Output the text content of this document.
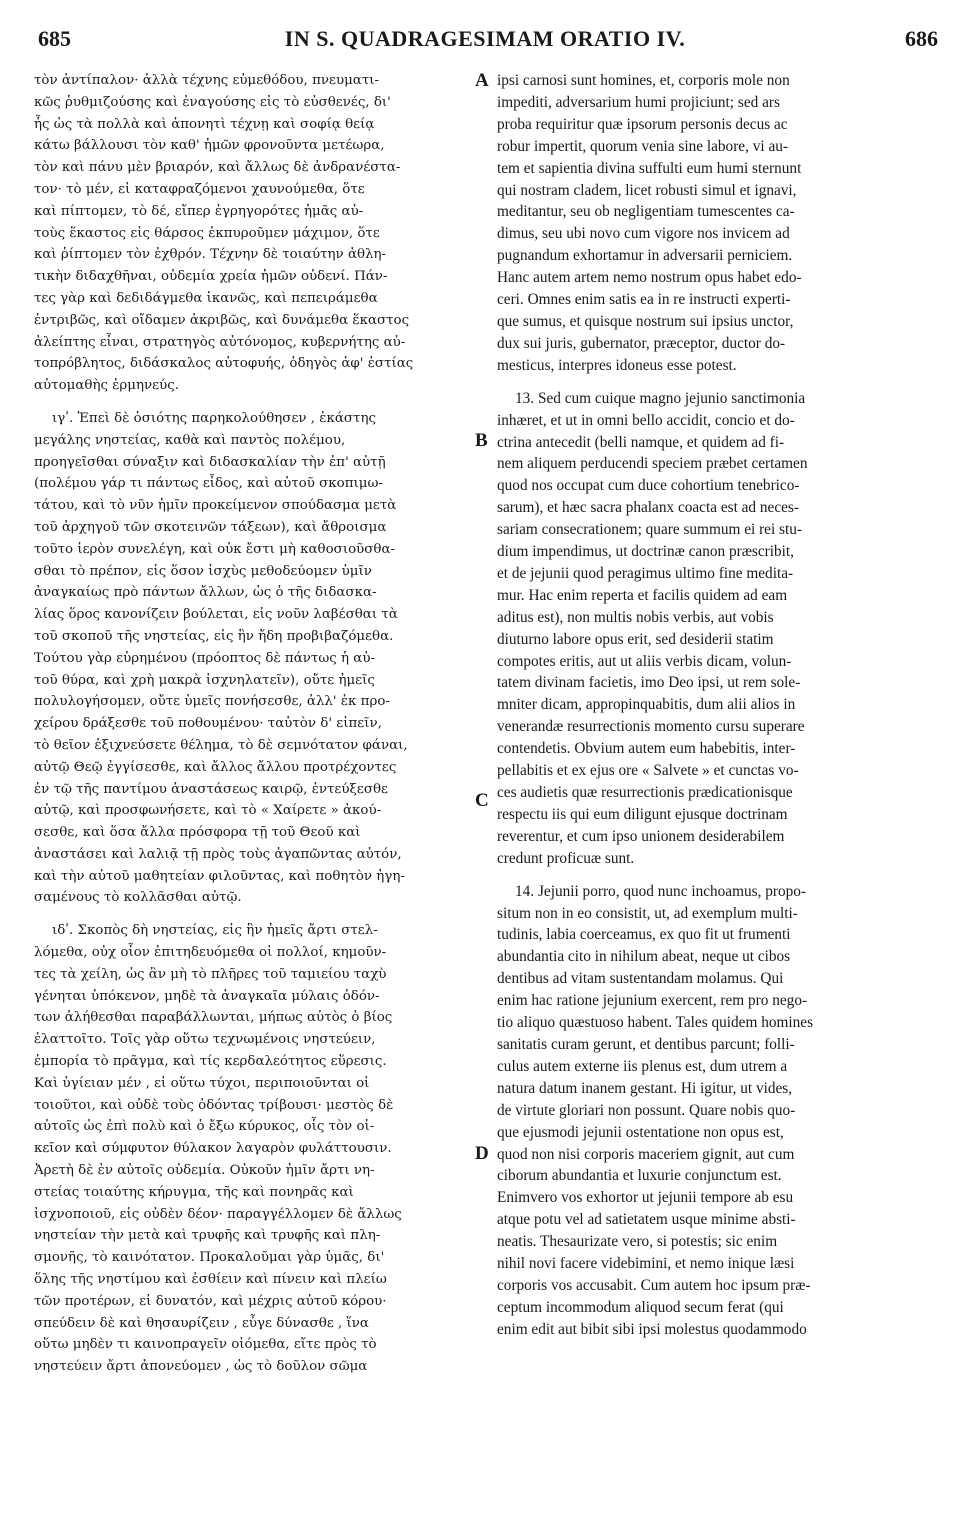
685	IN S. QUADRAGESIMAM ORATIO IV.	686
τὸν ἀντίπαλον· ἀλλὰ τέχνης εὐμεθόδου, πνευματι-
κῶς ῥυθμιζούσης καὶ ἐναγούσης εἰς τὸ εὐσθενές, δι'
ἧς ὡς τὰ πολλὰ καὶ ἀπονητὶ τέχνῃ καὶ σοφίᾳ θείᾳ
κάτω βάλλουσι τὸν καθ' ἡμῶν φρονοῦντα μετέωρα,
τὸν καὶ πάνυ μὲν βριαρόν, καὶ ἄλλως δὲ ἀνδρανέστα-
τον· τὸ μέν, εἰ καταφραζόμενοι χαυνούμεθα, ὅτε
καὶ πίπτομεν, τὸ δέ, εἴπερ ἐγρηγορότες ἡμᾶς αὐ-
τοὺς ἕκαστος εἰς θάρσος ἐκπυροῦμεν μάχιμον, ὅτε
καὶ ῥίπτομεν τὸν ἐχθρόν. Τέχνην δὲ τοιαύτην ἀθλη-
τικὴν διδαχθῆναι, οὐδεμία χρεία ἡμῶν οὐδενί. Πάν-
τες γὰρ καὶ δεδιδάγμεθα ἱκανῶς, καὶ πεπειράμεθα
ἐντριβῶς, καὶ οἴδαμεν ἀκριβῶς, καὶ δυνάμεθα ἕκαστος
ἀλείπτης εἶναι, στρατηγὸς αὐτόνομος, κυβερνήτης αὐ-
τοπρόβλητος, διδάσκαλος αὐτοφυής, ὁδηγὸς ἀφ' ἑστίας
αὐτομαθὴς ἑρμηνεύς.
ιγʹ. Ἐπεὶ δὲ ὁσιότης παρηκολούθησεν , ἑκάστης
μεγάλης νηστείας, καθὰ καὶ παντὸς πολέμου,
προηγεῖσθαι σύναξιν καὶ διδασκαλίαν τὴν ἐπ' αὐτῇ
(πολέμου γάρ τι πάντως εἶδος, καὶ αὐτοῦ σκοπιμω-
τάτου, καὶ τὸ νῦν ἡμῖν προκείμενον σπούδασμα μετὰ
τοῦ ἀρχηγοῦ τῶν σκοτεινῶν τάξεων), καὶ ἄθροισμα
τοῦτο ἱερὸν συνελέγη, καὶ οὐκ ἔστι μὴ καθοσιοῦσθα-
σθαι τὸ πρέπον, εἰς ὅσον ἰσχὺς μεθοδεύομεν ὑμῖν
ἀναγκαίως πρὸ πάντων ἄλλων, ὡς ὁ τῆς διδασκα-
λίας ὅρος κανονίζειν βούλεται, εἰς νοῦν λαβέσθαι τὰ
τοῦ σκοποῦ τῆς νηστείας, εἰς ἣν ἤδη προβιβαζόμεθα.
Τούτου γὰρ εὑρημένου (πρόοπτος δὲ πάντως ἡ αὐ-
τοῦ θύρα, καὶ χρὴ μακρὰ ἰσχνηλατεῖν), οὔτε ἡμεῖς
πολυλογήσομεν, οὔτε ὑμεῖς πονήσεσθε, ἀλλ' ἐκ προ-
χείρου δράξεσθε τοῦ ποθουμένου· ταὐτὸν δ' εἰπεῖν,
τὸ θεῖον ἐξιχνεύσετε θέλημα, τὸ δὲ σεμνότατον φάναι,
αὐτῷ Θεῷ ἐγγίσεσθε, καὶ ἄλλος ἄλλου προτρέχοντες
ἐν τῷ τῆς παντίμου ἀναστάσεως καιρῷ, ἐντεύξεσθε
αὐτῷ, καὶ προσφωνήσετε, καὶ τὸ « Χαίρετε » ἀκού-
σεσθε, καὶ ὅσα ἄλλα πρόσφορα τῇ τοῦ Θεοῦ καὶ
ἀναστάσει καὶ λαλιᾷ τῇ πρὸς τοὺς ἀγαπῶντας αὐτόν,
καὶ τὴν αὐτοῦ μαθητείαν φιλοῦντας, καὶ ποθητὸν ἡγη-
σαμένους τὸ κολλᾶσθαι αὐτῷ.
ιδʹ. Σκοπὸς δὴ νηστείας, εἰς ἣν ἡμεῖς ἄρτι στελ-
λόμεθα, οὐχ οἷον ἐπιτηδευόμεθα οἱ πολλοί, κημοῦν-
τες τὰ χείλη, ὡς ἂν μὴ τὸ πλῆρες τοῦ ταμιείου ταχὺ
γένηται ὑπόκενον, μηδὲ τὰ ἀναγκαῖα μύλαις ὀδόν-
των ἀλήθεσθαι παραβάλλωνται, μήπως αὐτὸς ὁ βίος
ἐλαττοῖτο. Τοῖς γὰρ οὕτω τεχνωμένοις νηστεύειν,
ἐμπορία τὸ πρᾶγμα, καὶ τίς κερδαλεότητος εὕρεσις.
Καὶ ὑγίειαν μέν , εἰ οὕτω τύχοι, περιποιοῦνται οἱ
τοιοῦτοι, καὶ οὐδὲ τοὺς ὀδόντας τρίβουσι· μεστὸς δὲ
αὐτοῖς ὡς ἐπὶ πολὺ καὶ ὁ ἔξω κύρυκος, οἷς τὸν οἰ-
κεῖον καὶ σύμφυτον θύλακον λαγαρὸν φυλάττουσιν.
Ἀρετὴ δὲ ἐν αὐτοῖς οὐδεμία. Οὐκοῦν ἡμῖν ἄρτι νη-
στείας τοιαύτης κήρυγμα, τῆς καὶ πονηρᾶς καὶ
ἰσχνοποιοῦ, εἰς οὐδὲν δέον· παραγγέλλομεν δὲ ἄλλως
νηστείαν τὴν μετὰ καὶ τρυφῆς καὶ τρυφῆς καὶ πλη-
σμονῆς, τὸ καινότατον. Προκαλοῦμαι γὰρ ὑμᾶς, δι'
ὅλης τῆς νηστίμου καὶ ἐσθίειν καὶ πίνειν καὶ πλείω
τῶν προτέρων, εἰ δυνατόν, καὶ μέχρις αὐτοῦ κόρου·
σπεύδειν δὲ καὶ θησαυρίζειν , εὖγε δύνασθε , ἵνα
οὕτω μηδὲν τι καινοπραγεῖν οἰόμεθα, εἴτε πρὸς τὸ
νηστεύειν ἄρτι ἀπονεύομεν , ὡς τὸ δοῦλον σῶμα
ipsi carnosi sunt homines, et, corporis mole non
impediti, adversarium humi projiciunt; sed ars
proba requiritur quæ ipsorum personis decus ac
robur impertit, quorum venia sine labore, vi au-
tem et sapientia divina suffulti eum humi sternunt
qui nostram cladem, licet robusti simul et ignavi,
meditantur, seu ob negligentiam tumescentes ca-
dimus, seu ubi novo cum vigore nos invicem ad
pugnandum exhortamur in adversarii perniciem.
Hanc autem artem nemo nostrum opus habet edo-
ceri. Omnes enim satis ea in re instructi experti-
que sumus, et quisque nostrum sui ipsius unctor,
dux sui juris, gubernator, præceptor, ductor do-
mesticus, interpres idoneus esse potest.
13. Sed cum cuique magno jejunio sanctimonia
inhæret, et ut in omni bello accidit, concio et do-
ctrina antecedit (belli namque, et quidem ad fi-
nem aliquem perducendi speciem præbet certamen
quod nos occupat cum duce cohortium tenebrico-
sarum), et hæc sacra phalanx coacta est ad neces-
sariam consecrationem; quare summum ei rei stu-
dium impendimus, ut doctrinæ canon præscribit,
et de jejunii quod peragimus ultimo fine medita-
mur. Hac enim reperta et facilis quidem ad eam
aditus est), non multis nobis verbis, aut vobis
diuturno labore opus erit, sed desiderii statim
compotes eritis, aut ut aliis verbis dicam, volun-
tatem divinam facietis, imo Deo ipsi, ut rem sole-
mniter dicam, appropinquabitis, dum alii alios in
venerandæ resurrectionis momento cursu superare
contendetis. Obvium autem eum habebitis, inter-
pellabitis et ex ejus ore « Salvete » et cunctas vo-
ces audietis quæ resurrectionis prædicationisque
respectu iis qui eum diligunt ejusque doctrinam
reverentur, et cum ipso unionem desiderabilem
credunt proficuæ sunt.
14. Jejunii porro, quod nunc inchoamus, propo-
situm non in eo consistit, ut, ad exemplum multi-
tudinis, labia coerceamus, ex quo fit ut frumenti
abundantia cito in nihilum abeat, neque ut cibos
dentibus ad vitam sustentandam molamus. Qui
enim hac ratione jejunium exercent, rem pro nego-
tio aliquo quæstuoso habent. Tales quidem homines
sanitatis curam gerunt, et dentibus parcunt; folli-
culus autem externe iis plenus est, dum utrem a
natura datum inanem gestant. Hi igitur, ut vides,
de virtute gloriari non possunt. Quare nobis quo-
que ejusmodi jejunii ostentatione non opus est,
quod non nisi corporis maceriem gignit, aut cum
ciborum abundantia et luxurie conjunctum est.
Enimvero vos exhortor ut jejunii tempore ab esu
atque potu vel ad satietatem usque minime absti-
neatis. Thesaurizate vero, si potestis; sic enim
nihil novi facere videbimini, et nemo inique læsi
corporis vos accusabit. Cum autem hoc ipsum præ-
ceptum incommodum aliquod secum ferat (qui
enim edit aut bibit sibi ipsi molestus quodammodo
A
B
C
D
